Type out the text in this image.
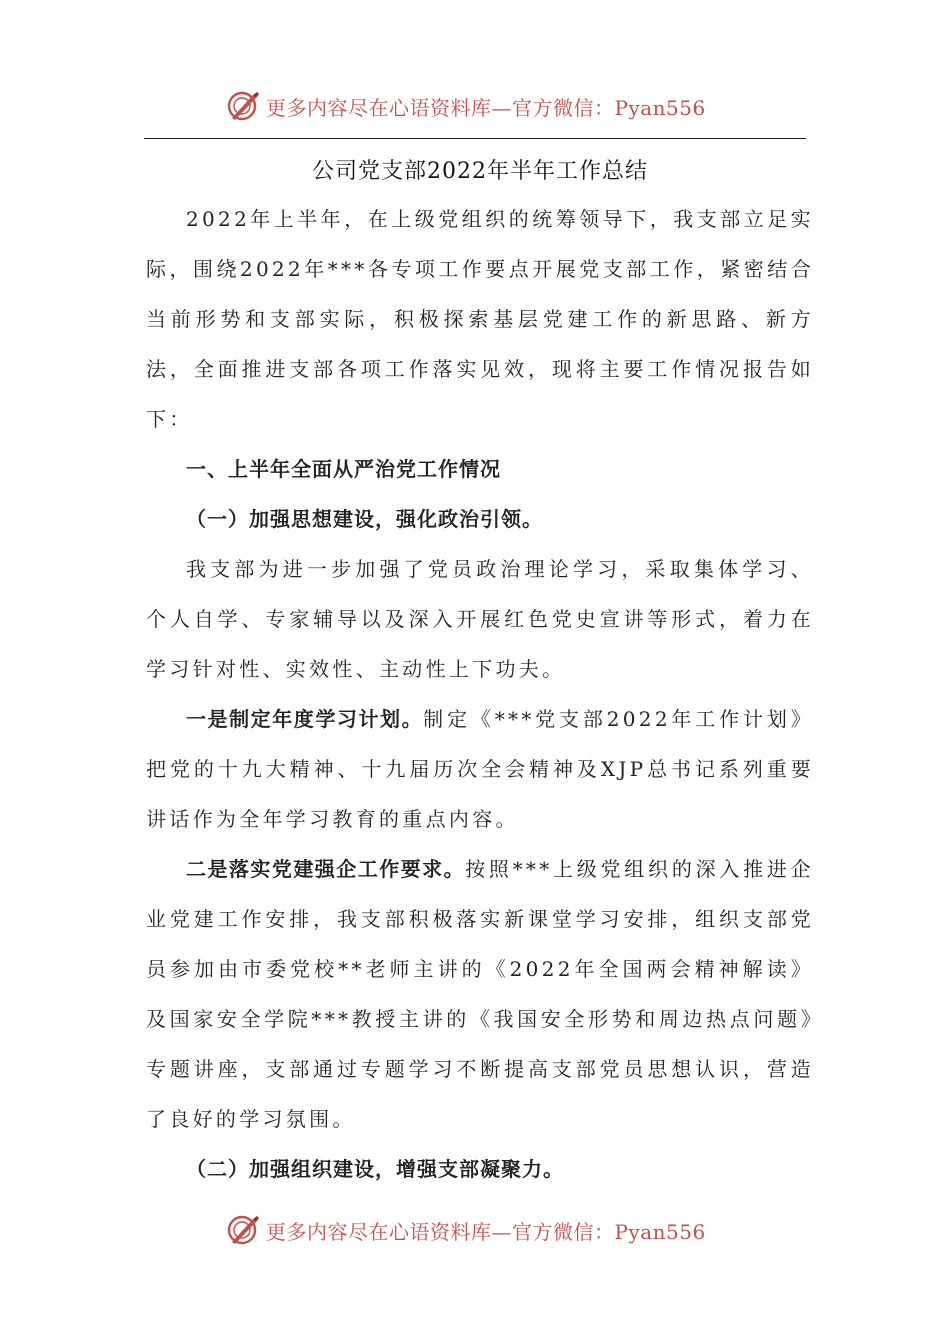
更多内容尽在心语资料库—官方微信：Pyan556
公司党支部2022年半年工作总结

2022年上半年，在上级党组织的统筹领导下，我支部立足实际，围绕2022年***各专项工作要点开展党支部工作，紧密结合当前形势和支部实际，积极探索基层党建工作的新思路、新方法，全面推进支部各项工作落实见效，现将主要工作情况报告如下：

一、上半年全面从严治党工作情况

（一）加强思想建设，强化政治引领。

我支部为进一步加强了党员政治理论学习，采取集体学习、个人自学、专家辅导以及深入开展红色党史宣讲等形式，着力在学习针对性、实效性、主动性上下功夫。

一是制定年度学习计划。制定《***党支部2022年工作计划》把党的十九大精神、十九届历次全会精神及XJP总书记系列重要讲话作为全年学习教育的重点内容。

二是落实党建强企工作要求。按照***上级党组织的深入推进企业党建工作安排，我支部积极落实新课堂学习安排，组织支部党员参加由市委党校**老师主讲的《2022年全国两会精神解读》及国家安全学院***教授主讲的《我国安全形势和周边热点问题》专题讲座，支部通过专题学习不断提高支部党员思想认识，营造了良好的学习氛围。

（二）加强组织建设，增强支部凝聚力。

更多内容尽在心语资料库—官方微信：Pyan556
